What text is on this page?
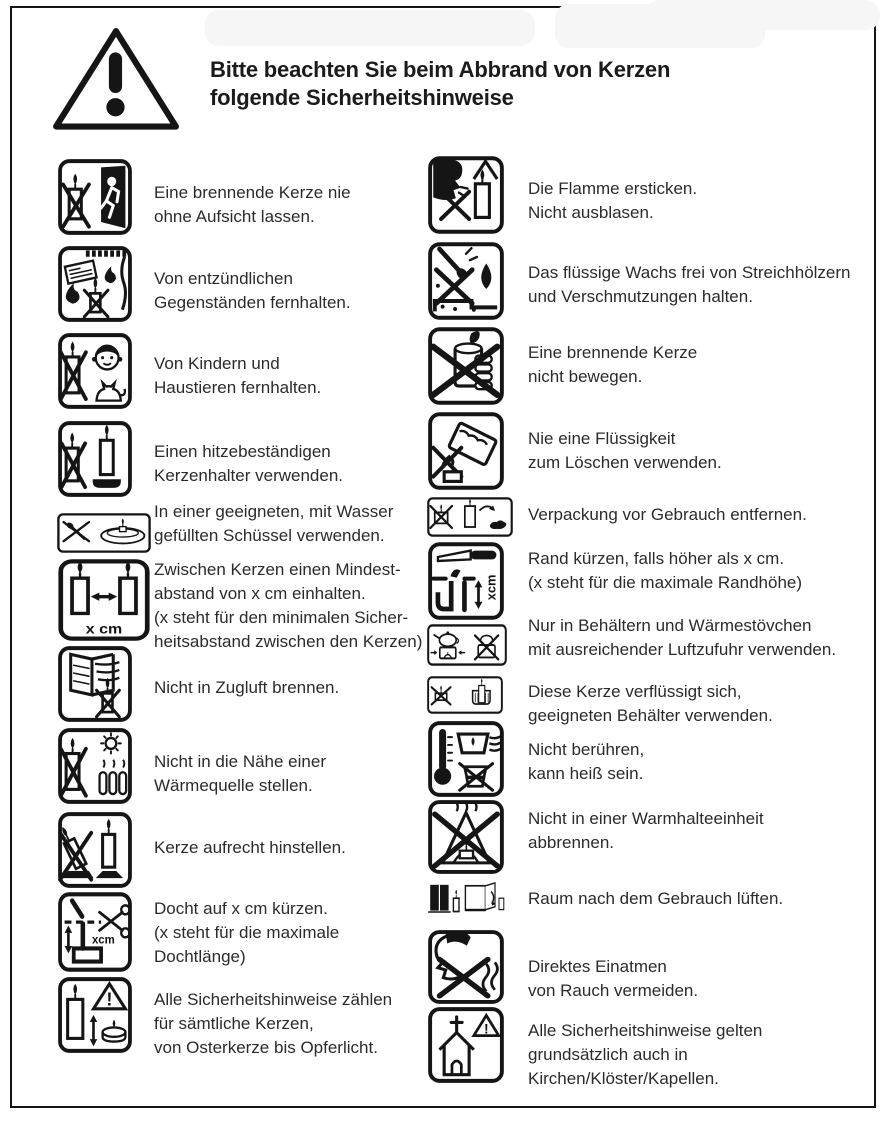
Bitte beachten Sie beim Abbrand von Kerzen
folgende Sicherheitshinweise
Eine brennende Kerze nie
ohne Aufsicht lassen.
Von entzündlichen
Gegenständen fernhalten.
Von Kindern und
Haustieren fernhalten.
Einen hitzebeständigen
Kerzenhalter verwenden.
In einer geeigneten, mit Wasser
gefüllten Schüssel verwenden.
x cm
Zwischen Kerzen einen Mindest-
abstand von x cm einhalten.
(x steht für den minimalen Sicher-
heitsabstand zwischen den Kerzen)
Nicht in Zugluft brennen.
Nicht in die Nähe einer
Wärmequelle stellen.
Kerze aufrecht hinstellen.
xcm
Docht auf x cm kürzen.
(x steht für die maximale
Dochtlänge)
! Alle Sicherheitshinweise zählen
für sämtliche Kerzen,
von Osterkerze bis Opferlicht.
Die Flamme ersticken.
Nicht ausblasen.
Das flüssige Wachs frei von Streichhölzern
und Verschmutzungen halten.
Eine brennende Kerze
nicht bewegen.
Nie eine Flüssigkeit
zum Löschen verwenden.
Verpackung vor Gebrauch entfernen.
xcm
Rand kürzen, falls höher als x cm.
(x steht für die maximale Randhöhe)
Nur in Behältern und Wärmestövchen
mit ausreichender Luftzufuhr verwenden.
Diese Kerze verflüssigt sich,
geeigneten Behälter verwenden.
Nicht berühren,
kann heiß sein.
Nicht in einer Warmhalteeinheit
abbrennen.
Raum nach dem Gebrauch lüften.
Direktes Einatmen
von Rauch vermeiden.
! Alle Sicherheitshinweise gelten
grundsätzlich auch in
Kirchen/Klöster/Kapellen.
